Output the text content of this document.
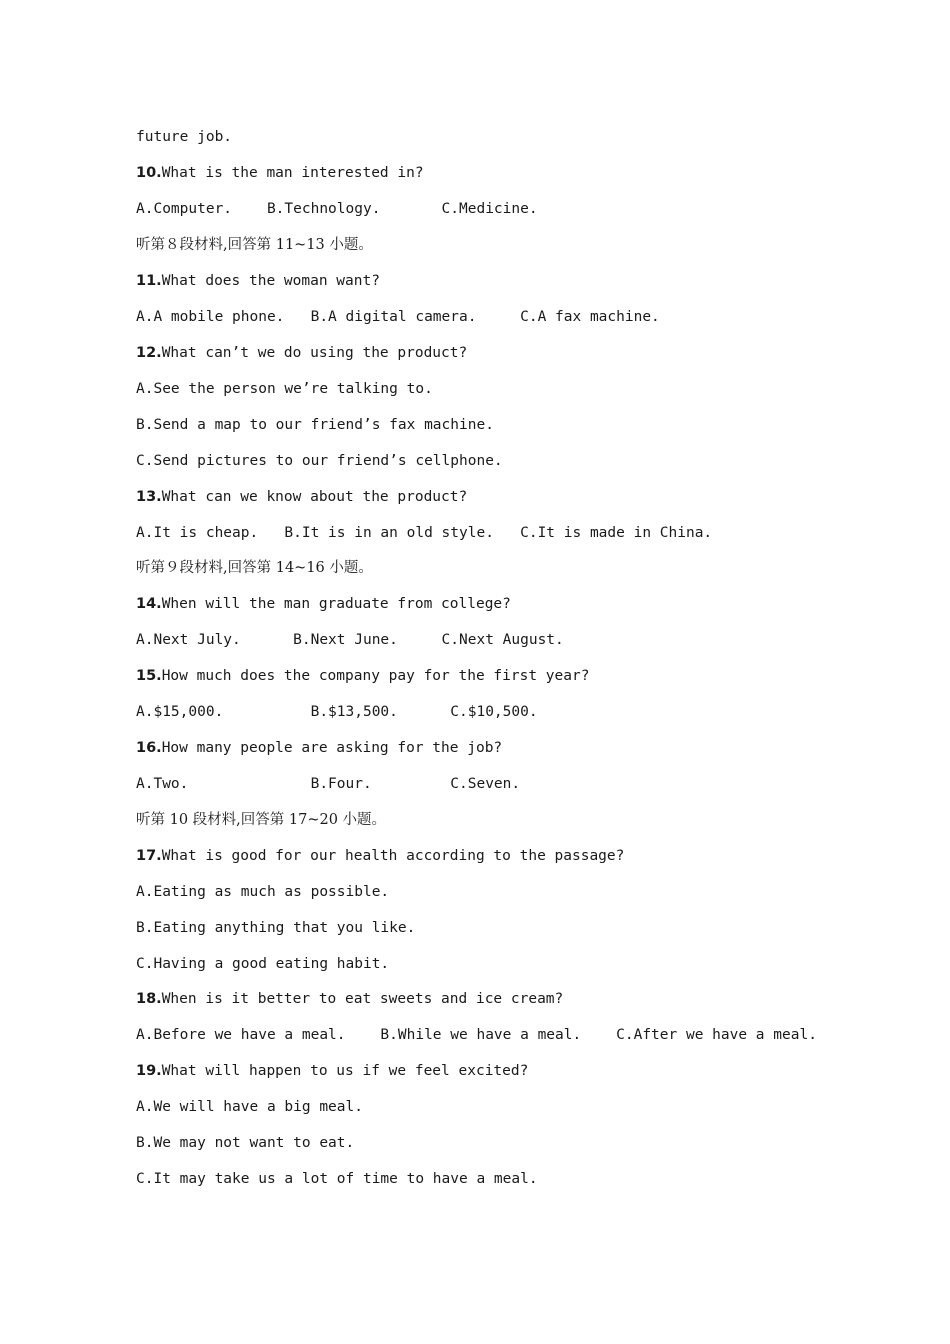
future job.
10.What is the man interested in?
A.Computer.    B.Technology.       C.Medicine.
听第８段材料,回答第 11~13 小题。
11.What does the woman want?
A.A mobile phone.   B.A digital camera.     C.A fax machine.
12.What can’t we do using the product?
A.See the person we’re talking to.
B.Send a map to our friend’s fax machine.
C.Send pictures to our friend’s cellphone.
13.What can we know about the product?
A.It is cheap.   B.It is in an old style.   C.It is made in China.
听第９段材料,回答第 14~16 小题。
14.When will the man graduate from college?
A.Next July.      B.Next June.     C.Next August.
15.How much does the company pay for the first year?
A.$15,000.          B.$13,500.      C.$10,500.
16.How many people are asking for the job?
A.Two.              B.Four.         C.Seven.
听第 10 段材料,回答第 17~20 小题。
17.What is good for our health according to the passage?
A.Eating as much as possible.
B.Eating anything that you like.
C.Having a good eating habit.
18.When is it better to eat sweets and ice cream?
A.Before we have a meal.    B.While we have a meal.    C.After we have a meal.
19.What will happen to us if we feel excited?
A.We will have a big meal.
B.We may not want to eat.
C.It may take us a lot of time to have a meal.
